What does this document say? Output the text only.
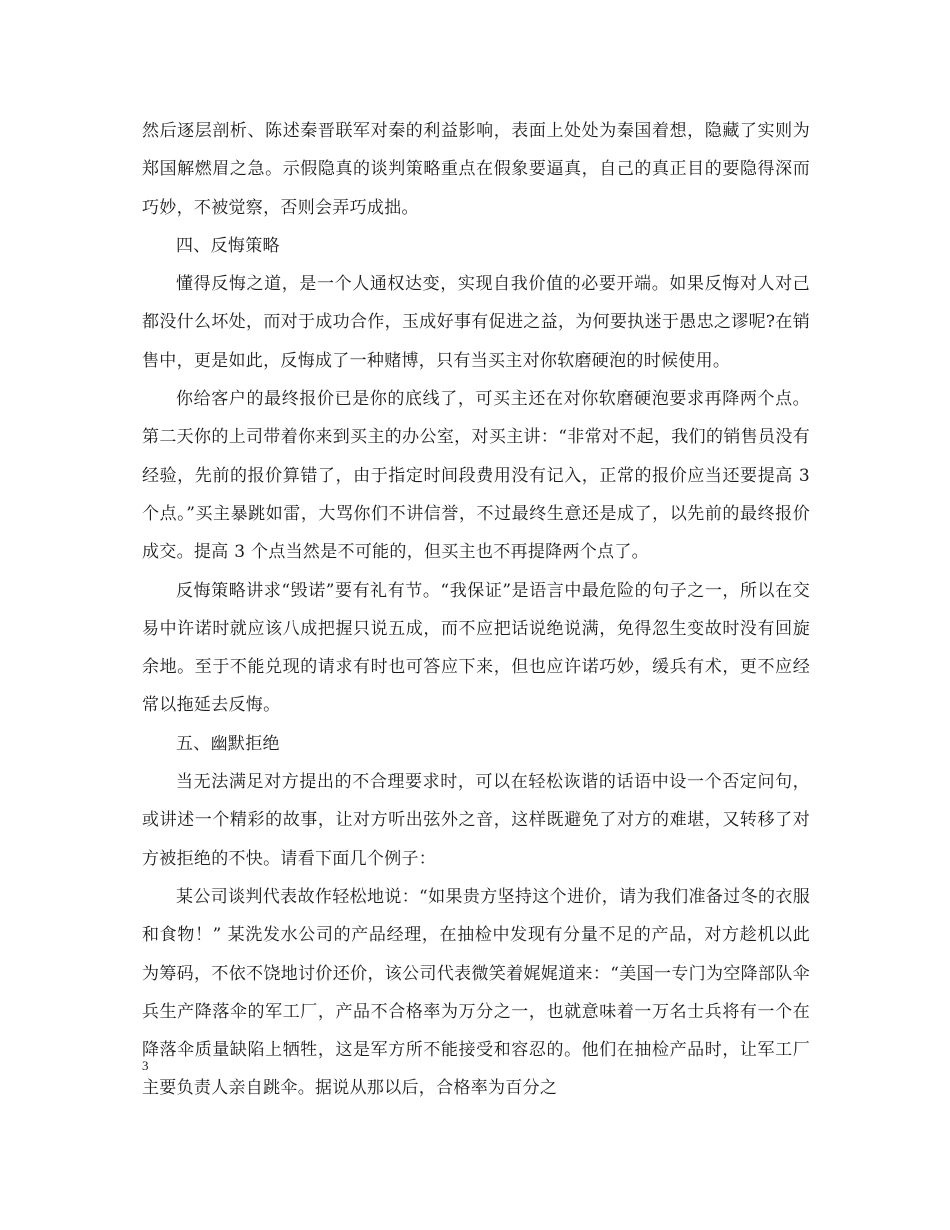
然后逐层剖析、陈述秦晋联军对秦的利益影响，表面上处处为秦国着想，隐藏了实则为郑国解燃眉之急。示假隐真的谈判策略重点在假象要逼真，自己的真正目的要隐得深而巧妙，不被觉察，否则会弄巧成拙。

四、反悔策略

懂得反悔之道，是一个人通权达变，实现自我价值的必要开端。如果反悔对人对己都没什么坏处，而对于成功合作，玉成好事有促进之益，为何要执迷于愚忠之谬呢?在销售中，更是如此，反悔成了一种赌博，只有当买主对你软磨硬泡的时候使用。

你给客户的最终报价已是你的底线了，可买主还在对你软磨硬泡要求再降两个点。第二天你的上司带着你来到买主的办公室，对买主讲：“非常对不起，我们的销售员没有经验，先前的报价算错了，由于指定时间段费用没有记入，正常的报价应当还要提高 3 个点。”买主暴跳如雷，大骂你们不讲信誉，不过最终生意还是成了，以先前的最终报价成交。提高 3 个点当然是不可能的，但买主也不再提降两个点了。

反悔策略讲求“毁诺”要有礼有节。“我保证”是语言中最危险的句子之一，所以在交易中许诺时就应该八成把握只说五成，而不应把话说绝说满，免得忽生变故时没有回旋余地。至于不能兑现的请求有时也可答应下来，但也应许诺巧妙，缓兵有术，更不应经常以拖延去反悔。

五、幽默拒绝

当无法满足对方提出的不合理要求时，可以在轻松诙谐的话语中设一个否定问句，或讲述一个精彩的故事，让对方听出弦外之音，这样既避免了对方的难堪，又转移了对方被拒绝的不快。请看下面几个例子：

某公司谈判代表故作轻松地说：“如果贵方坚持这个进价，请为我们准备过冬的衣服和食物！” 某洗发水公司的产品经理，在抽检中发现有分量不足的产品，对方趁机以此为筹码，不依不饶地讨价还价，该公司代表微笑着娓娓道来：“美国一专门为空降部队伞兵生产降落伞的军工厂，产品不合格率为万分之一，也就意味着一万名士兵将有一个在降落伞质量缺陷上牺牲，这是军方所不能接受和容忍的。他们在抽检产品时，让军工厂主要负责人亲自跳伞。据说从那以后，合格率为百分之

3
